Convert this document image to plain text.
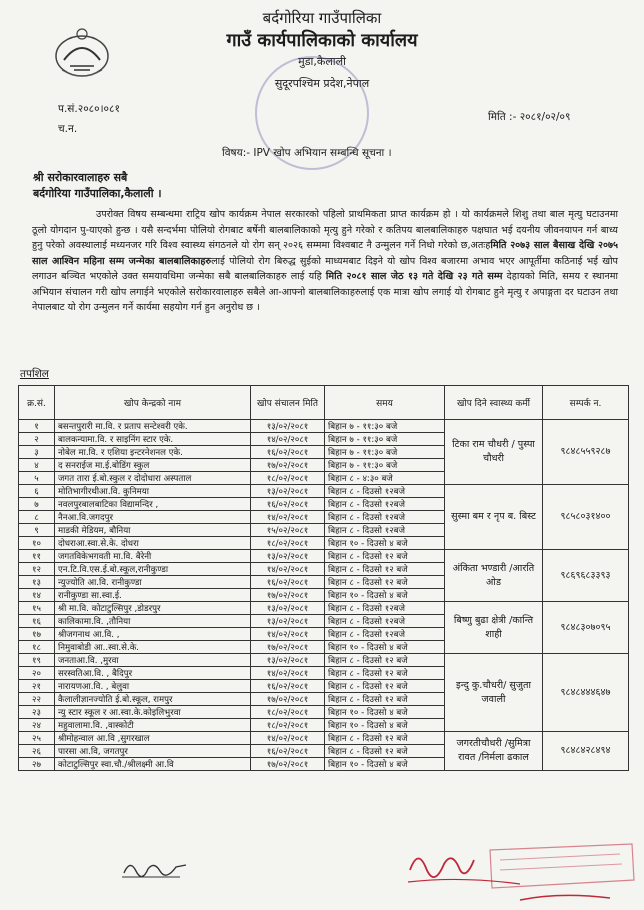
बर्दगोरिया गाउँपालिका
गाउँ कार्यपालिकाको कार्यालय
मुडा,कैलाली
सुदूरपश्चिम प्रदेश,नेपाल
प.सं.२०८०।०८१
च.न.
मिति :- २०८१/०२/०९
विषय:- IPV खोप अभियान सम्बन्धि सूचना ।
श्री सरोकारवालाहरु सबै
बर्दगोरिया गाउँपालिका,कैलाली ।
उपरोक्त विषय सम्बन्धमा राट्रिय खोप कार्यक्रम नेपाल सरकारको पहिलो प्राथमिकता प्राप्त कार्यक्रम हो । यो कार्यक्रमले शिशु तथा बाल मृत्यु घटाउनमा ठूलो योगदान पु-याएको हुन्छ । यसै सन्दर्भमा पोलियो रोगबाट बर्षेनी बालबालिकाको मृत्यु हुने गरेको र कतिपय बालबालिकाहरु पक्षघात भई दयनीय जीवनयापन गर्न बाध्य हुनु परेको अवस्थालाई मध्यनजर गरि विश्व स्वास्थ्य संगठनले यो रोग सन् २०२६ सम्ममा विश्वबाट नै उन्मुलन गर्ने निधो गरेको छ,अतःहमिति २०७३ साल बैसाख देखि २०७५ साल आश्विन महिना सम्म जन्मेका बालबालिकाहरुलाई पोलियो रोग बिरुद्ध सुईको माध्यमबाट दिइने यो खोप विश्व बजारमा अभाव भएर आपूर्तीमा कठिनाई भई खोप लगाउन बञ्चित भएकोले उक्त समयावधिमा जन्मेका सबै बालबालिकाहरु लाई यहि मिति २०८१ साल जेठ १३ गते देखि २३ गते सम्म देहायको मिति, समय र स्थानमा अभियान संचालन गरी खोप लगाईने भएकोले सरोकारवालाहरु सबैले आ-आफ्नो बालबालिकाहरुलाई एक मात्रा खोप लगाई यो रोगबाट हुने मृत्यु र अपाङ्गता दर घटाउन तथा नेपालबाट यो रोग उन्मुलन गर्ने कार्यमा सहयोग गर्न हुन अनुरोध छ ।
तपशिल
क्र.सं.	खोप केन्द्रको नाम	खोप संचालन मिति	समय	खोप दिने स्वास्थ्य कर्मी	सम्पर्क न.
१	बसन्तपुरारी मा.वि. र प्रताप सन्टेश्वरी एके.	१३/०२/२०८१	बिहान ७ - ११:३० बजे	टिका राम चौधरी / पुस्पा चौधरी	९८४८५५९२८७
२	बालकन्यामा.वि. र साइनिंग स्टार एके.	१४/०२/२०८१	बिहान ७ - ११:३० बजे		
३	नोबेल मा.वि. र एशिया इन्टरनेशनल एके.	१६/०२/२०८१	बिहान ७ - ११:३० बजे		
४	द सनराईज मा.ई.बोडिंग स्कुल	१७/०२/२०८१	बिहान ७ - ११:३० बजे		
५	जगत तारा ई.बो.स्कुल र दोदोधारा अस्पताल	१८/०२/२०८१	बिहान ८ - ४:३० बजे		
६	मोतिभागीरथीआ.वि. कुनिमया	१३/०२/२०८१	बिहान ८ - दिउसो १२बजे	सुस्मा बम र नृप ब. बिस्ट	९८५८०३१४००
७	नवलपुरबालबाटिका विद्यामन्दिर ,	१६/०२/२०८१	बिहान ८ - दिउसो १२बजे		
८	नैनआ.वि.जगदपुर	१४/०२/२०८१	बिहान ८ - दिउसो १२बजे		
९	माडकी मेडियम, बौनिया	१५/०२/२०८१	बिहान ८ - दिउसो १२बजे		
१०	दोधराआ.स्वा.से.के. दोधरा	१८/०२/२०८१	बिहान १० - दिउसो ४ बजे		
११	जगतविकेभगवती मा.वि. बैरेनी	१३/०२/२०८१	बिहान ८ - दिउसो १२ बजे	अंकिता भण्डारी /आरति ओड	९८६९६८३३९३
१२	एन.टि.वि.एस.ई.बो.स्कूल,रानीकुण्डा	१४/०२/२०८१	बिहान ८ - दिउसो १२ बजे		
१३	न्युज्योति आ.वि. रानीकुण्डा	१६/०२/२०८१	बिहान ८ - दिउसो १२ बजे		
१४	रानीकुण्डा सा.स्वा.ई.	१७/०२/२०८१	बिहान १० - दिउसो ४ बजे		
१५	श्री मा.वि. कोटाटुल्सिपुर ,डोडरपुर	१३/०२/२०८१	बिहान ८ - दिउसो १२बजे	बिष्णु बुढा क्षेत्री /कान्ति शाही	९८४८३०७०९५
१६	कालिकामा.वि. ,तौनिया	१३/०२/२०८१	बिहान ८ - दिउसो १२बजे		
१७	श्रीजगनाथ आ.वि. ,	१४/०२/२०८१	बिहान ८ - दिउसो १२बजे		
१८	निमुवाबोडी आ..स्वा.से.के.	१७/०२/२०८१	बिहान १० - दिउसो ४ बजे		
१९	जनताआ.वि. ,मुरवा	१३/०२/२०८१	बिहान ८ - दिउसो १२ बजे	इन्दु कु.चौधरी/ सुजुता जवाली	९८४८४४४६४७
२०	सरस्वतिआ.वि. , बैदिपुर	१४/०२/२०८१	बिहान ८ - दिउसो १२ बजे		
२१	नारायणआ.वि. , बेलुवा	१६/०२/२०८१	बिहान ८ - दिउसो १२ बजे		
२२	कैलालीज्ञानज्योति ई.बो.स्कूल, रामपुर	१७/०२/२०८१	बिहान ८ - दिउसो १२ बजे		
२३	न्यु स्टार स्कूल र आ.स्वा.के.कोइलिभुरवा	१८/०२/२०८१	बिहान १० - दिउसो ४ बजे		
२४	महुवालामा.वि. ,वास्कोटी	१८/०२/२०८१	बिहान १० - दिउसो ४ बजे		
२५	श्रीमोहन्वाल आ.वि ,सुगरखाल	१४/०२/२०८१	बिहान ८ - दिउसो १२ बजे	जगरतीचौधरी /सुमित्रा रावत /निर्मला ढकाल	९८४८४२८४९४
२६	पारसा आ.वि, जगतपुर	१६/०२/२०८१	बिहान ८ - दिउसो १२ बजे		
२७	कोटाटुल्सिपुर स्वा.चौ./श्रीलक्ष्मी आ.वि	१७/०२/२०८१	बिहान १० - दिउसो ४ बजे		
